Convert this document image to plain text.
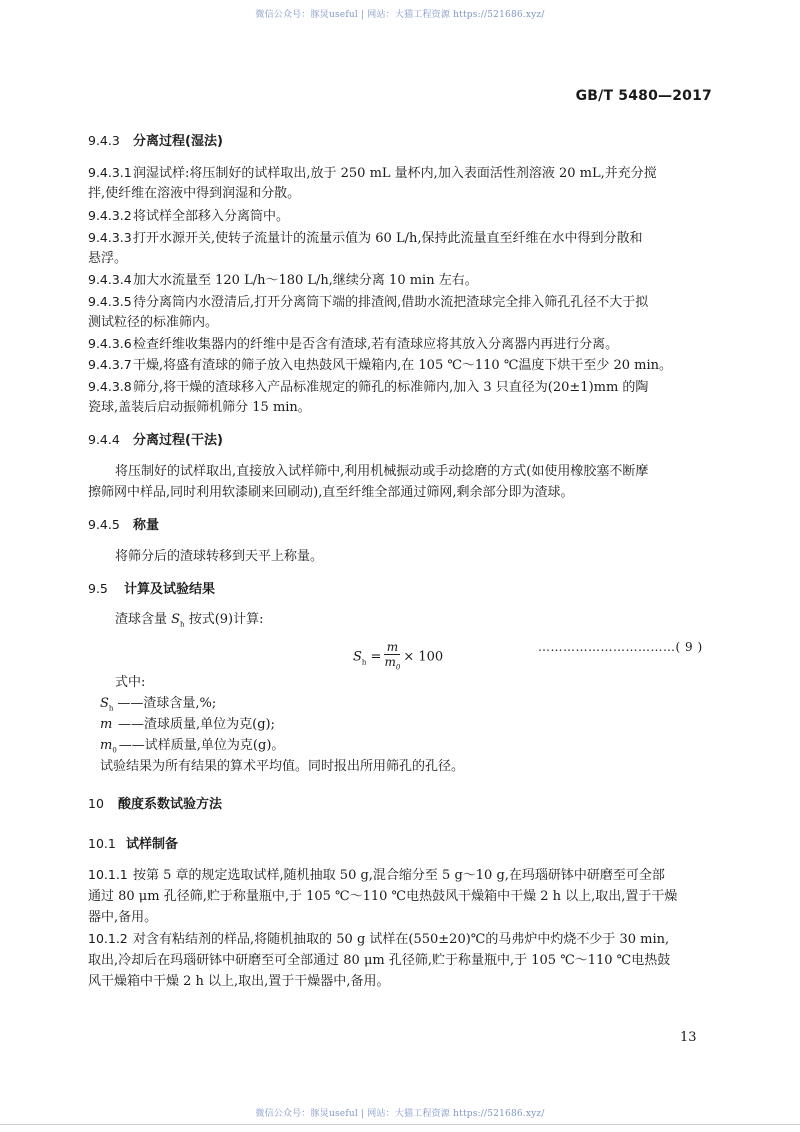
微信公众号：豚炅useful | 网站：大猫工程资源 https://521686.xyz/
GB/T 5480—2017
9.4.3 分离过程(湿法)
9.4.3.1润湿试样:将压制好的试样取出,放于 250 mL 量杯内,加入表面活性剂溶液 20 mL,并充分搅
拌,使纤维在溶液中得到润湿和分散。
9.4.3.2将试样全部移入分离筒中。
9.4.3.3打开水源开关,使转子流量计的流量示值为 60 L/h,保持此流量直至纤维在水中得到分散和
悬浮。
9.4.3.4加大水流量至 120 L/h～180 L/h,继续分离 10 min 左右。
9.4.3.5待分离筒内水澄清后,打开分离筒下端的排渣阀,借助水流把渣球完全排入筛孔孔径不大于拟
测试粒径的标准筛内。
9.4.3.6检查纤维收集器内的纤维中是否含有渣球,若有渣球应将其放入分离器内再进行分离。
9.4.3.7干燥,将盛有渣球的筛子放入电热鼓风干燥箱内,在 105 ℃～110 ℃温度下烘干至少 20 min。
9.4.3.8筛分,将干燥的渣球移入产品标准规定的筛孔的标准筛内,加入 3 只直径为(20±1)mm 的陶
瓷球,盖装后启动振筛机筛分 15 min。
9.4.4 分离过程(干法)
将压制好的试样取出,直接放入试样筛中,利用机械振动或手动捻磨的方式(如使用橡胶塞不断摩
擦筛网中样品,同时利用软漆刷来回刷动),直至纤维全部通过筛网,剩余部分即为渣球。
9.4.5 称量
将筛分后的渣球转移到天平上称量。
9.5 计算及试验结果
渣球含量 $S_h$ 按式(9)计算:
$S_h = \frac{m}{m_0} \times 100$
……………………………( 9 )
式中:
$S_h$ ——渣球含量,%;
m ——渣球质量,单位为克(g);
$m_0$ ——试样质量,单位为克(g)。
试验结果为所有结果的算术平均值。同时报出所用筛孔的孔径。
10 酸度系数试验方法
10.1 试样制备
10.1.1 按第 5 章的规定选取试样,随机抽取 50 g,混合缩分至 5 g～10 g,在玛瑙研钵中研磨至可全部
通过 80 μm 孔径筛,贮于称量瓶中,于 105 ℃～110 ℃电热鼓风干燥箱中干燥 2 h 以上,取出,置于干燥
器中,备用。
10.1.2 对含有粘结剂的样品,将随机抽取的 50 g 试样在(550±20)℃的马弗炉中灼烧不少于 30 min,
取出,冷却后在玛瑙研钵中研磨至可全部通过 80 μm 孔径筛,贮于称量瓶中,于 105 ℃～110 ℃电热鼓
风干燥箱中干燥 2 h 以上,取出,置于干燥器中,备用。
13
微信公众号：豚炅useful | 网站：大猫工程资源 https://521686.xyz/
